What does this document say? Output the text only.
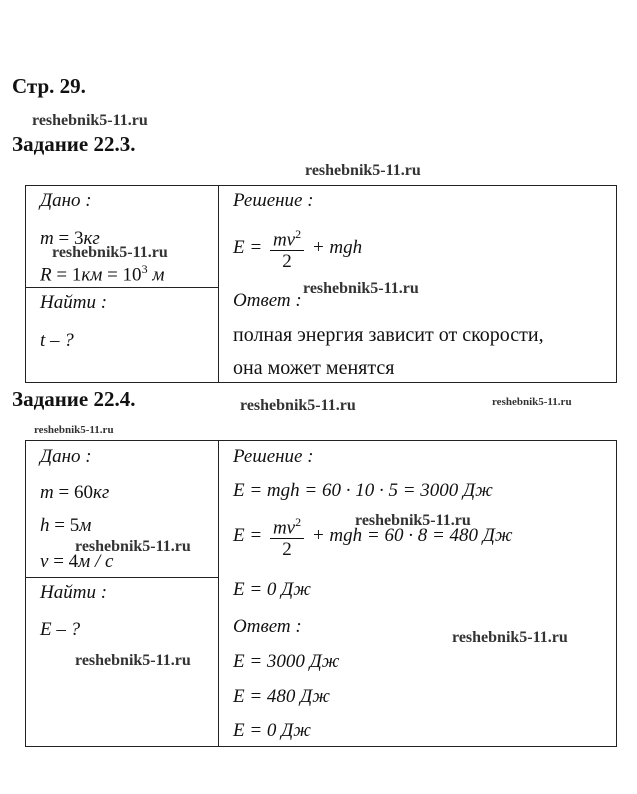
Стр. 29.
Задание 22.3.
Дано :
m = 3кг
$R = 1км = 10^3$ м
Найти :
t – ?
Решение :
$E = \frac{mv^2}{2}$ + mgh
Ответ :
полная энергия зависит от скорости,
она может менятся
Задание 22.4.
Дано :
m = 60кг
h = 5м
v = 4м / с
Найти :
E – ?
Решение :
E = mgh = 60 · 10 · 5 = 3000 Дж
$E = \frac{mv^2}{2}$ + mgh = 60 · 8 = 480 Дж
E = 0 Дж
Ответ :
E = 3000 Дж
E = 480 Дж
E = 0 Дж
reshebnik5-11.ru
reshebnik5-11.ru
reshebnik5-11.ru
reshebnik5-11.ru
reshebnik5-11.ru	reshebnik5-11.ru
reshebnik5-11.ru
reshebnik5-11.ru
reshebnik5-11.ru
reshebnik5-11.ru
reshebnik5-11.ru
